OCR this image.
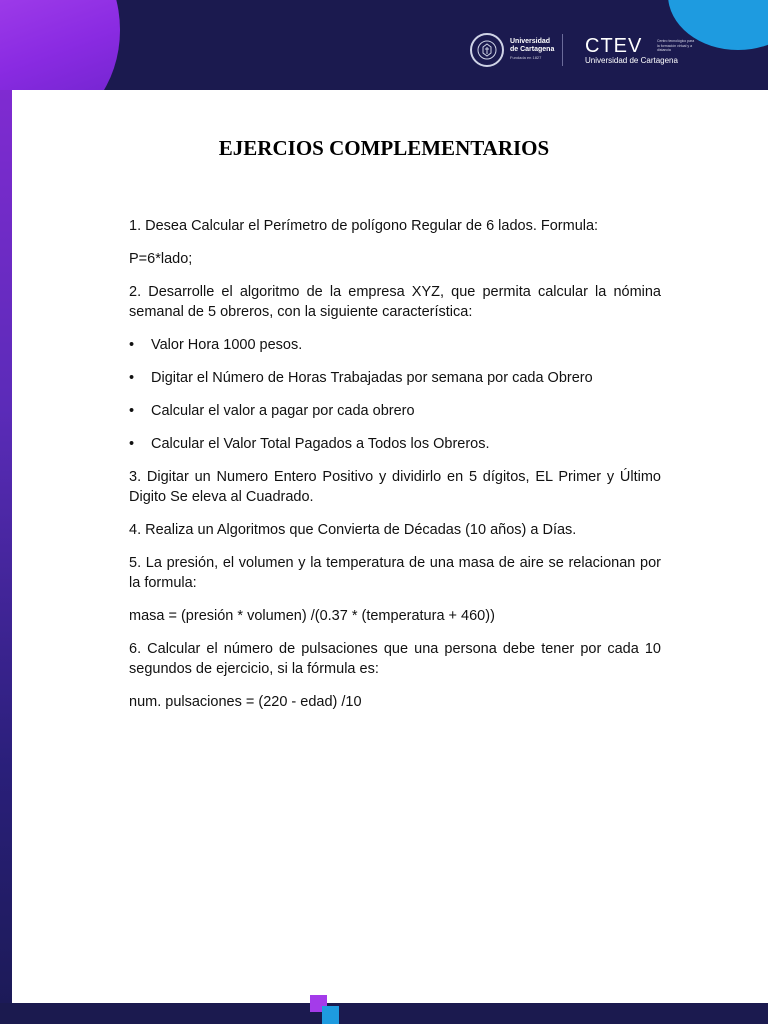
Universidad
de Cartagena
Fundada en 1827
CTEV
Universidad de Cartagena
Centro tecnológico para la formación virtual y a distancia
EJERCIOS COMPLEMENTARIOS

1. Desea Calcular el Perímetro de polígono Regular de 6 lados. Formula:

P=6*lado;

2. Desarrolle el algoritmo de la empresa XYZ, que permita calcular la nómina semanal de 5 obreros, con la siguiente característica:

•	Valor Hora 1000 pesos.
•	Digitar el Número de Horas Trabajadas por semana por cada Obrero
•	Calcular el valor a pagar por cada obrero
•	Calcular el Valor Total Pagados a Todos los Obreros.

3. Digitar un Numero Entero Positivo y dividirlo en 5 dígitos, EL Primer y Último Digito Se eleva al Cuadrado.

4. Realiza un Algoritmos que Convierta de Décadas (10 años) a Días.

5. La presión, el volumen y la temperatura de una masa de aire se relacionan por la formula:

masa = (presión * volumen) /(0.37 * (temperatura + 460))

6. Calcular el número de pulsaciones que una persona debe tener por cada 10 segundos de ejercicio, si la fórmula es:

num. pulsaciones = (220 - edad) /10
